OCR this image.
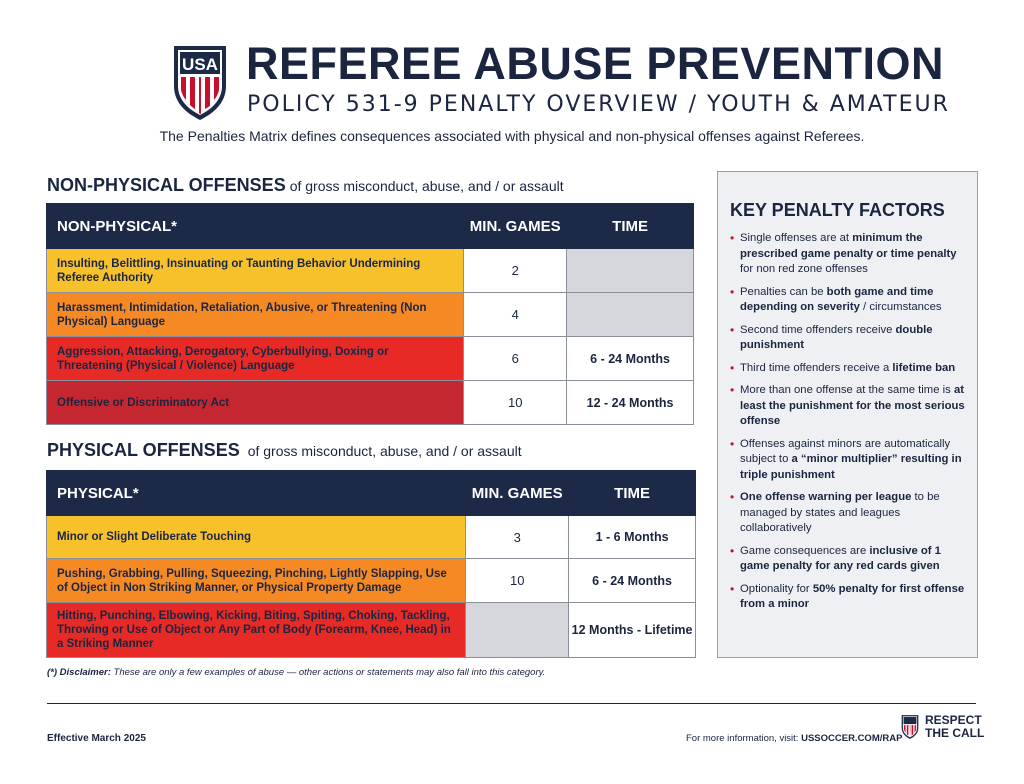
USA REFEREE ABUSE PREVENTION
POLICY 531-9 PENALTY OVERVIEW / YOUTH & AMATEUR
The Penalties Matrix defines consequences associated with physical and non-physical offenses against Referees.
NON-PHYSICAL OFFENSES of gross misconduct, abuse, and / or assault
NON-PHYSICAL*	MIN. GAMES	TIME
Insulting, Belittling, Insinuating or Taunting Behavior Undermining Referee Authority	2	
Harassment, Intimidation, Retaliation, Abusive, or Threatening (Non Physical) Language	4	
Aggression, Attacking, Derogatory, Cyberbullying, Doxing or Threatening (Physical / Violence) Language	6	6 - 24 Months
Offensive or Discriminatory Act	10	12 - 24 Months
PHYSICAL OFFENSES of gross misconduct, abuse, and / or assault
PHYSICAL*	MIN. GAMES	TIME
Minor or Slight Deliberate Touching	3	1 - 6 Months
Pushing, Grabbing, Pulling, Squeezing, Pinching, Lightly Slapping, Use of Object in Non Striking Manner, or Physical Property Damage	10	6 - 24 Months
Hitting, Punching, Elbowing, Kicking, Biting, Spiting, Choking, Tackling, Throwing or Use of Object or Any Part of Body (Forearm, Knee, Head) in a Striking Manner		12 Months - Lifetime
KEY PENALTY FACTORS
• Single offenses are at minimum the prescribed game penalty or time penalty for non red zone offenses
• Penalties can be both game and time depending on severity / circumstances
• Second time offenders receive double punishment
• Third time offenders receive a lifetime ban
• More than one offense at the same time is at least the punishment for the most serious offense
• Offenses against minors are automatically subject to a “minor multiplier” resulting in triple punishment
• One offense warning per league to be managed by states and leagues collaboratively
• Game consequences are inclusive of 1 game penalty for any red cards given
• Optionality for 50% penalty for first offense from a minor
(*) Disclaimer: These are only a few examples of abuse — other actions or statements may also fall into this category.
Effective March 2025	For more information, visit: USSOCCER.COM/RAP
RESPECT
THE CALL
